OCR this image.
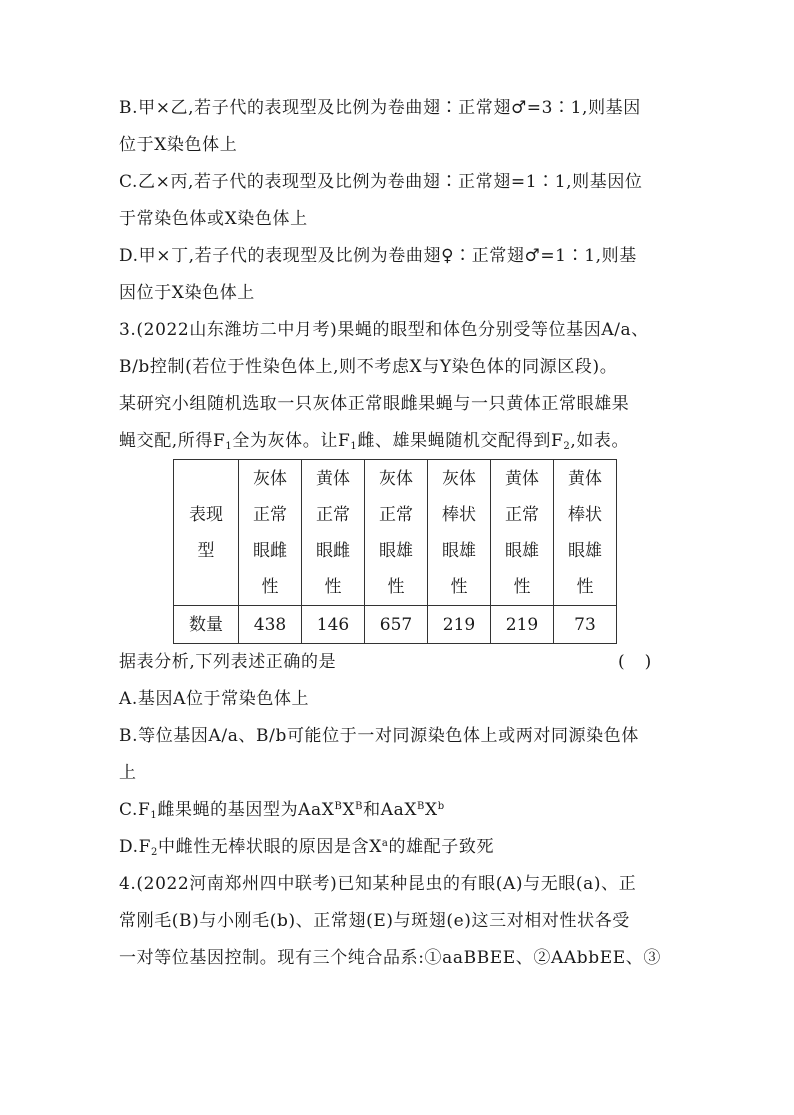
B.甲×乙,若子代的表现型及比例为卷曲翅∶正常翅♂=3∶1,则基因
位于X染色体上
C.乙×丙,若子代的表现型及比例为卷曲翅∶正常翅=1∶1,则基因位
于常染色体或X染色体上
D.甲×丁,若子代的表现型及比例为卷曲翅♀∶正常翅♂=1∶1,则基
因位于X染色体上
3.(2022山东潍坊二中月考)果蝇的眼型和体色分别受等位基因A/a、
B/b控制(若位于性染色体上,则不考虑X与Y染色体的同源区段)。
某研究小组随机选取一只灰体正常眼雌果蝇与一只黄体正常眼雄果
蝇交配,所得$F_1$全为灰体。让$F_1$雌、雄果蝇随机交配得到$F_2$,如表。
表现
型	灰体
正常
眼雌
性	黄体
正常
眼雌
性	灰体
正常
眼雄
性	灰体
棒状
眼雄
性	黄体
正常
眼雄
性	黄体
棒状
眼雄
性

数量	438	146	657	219	219	73
据表分析,下列表述正确的是	()
A.基因A位于常染色体上
B.等位基因A/a、B/b可能位于一对同源染色体上或两对同源染色体
上
$C.F_1$雌果蝇的基因型为$AaX^BX^B$和$AaX^BX^b$
$D.F_2$中雌性无棒状眼的原因是含$X^a$的雄配子致死
4.(2022河南郑州四中联考)已知某种昆虫的有眼(A)与无眼(a)、正
常刚毛(B)与小刚毛(b)、正常翅(E)与斑翅(e)这三对相对性状各受
一对等位基因控制。现有三个纯合品系:①aaBBEE、②AAbbEE、③
